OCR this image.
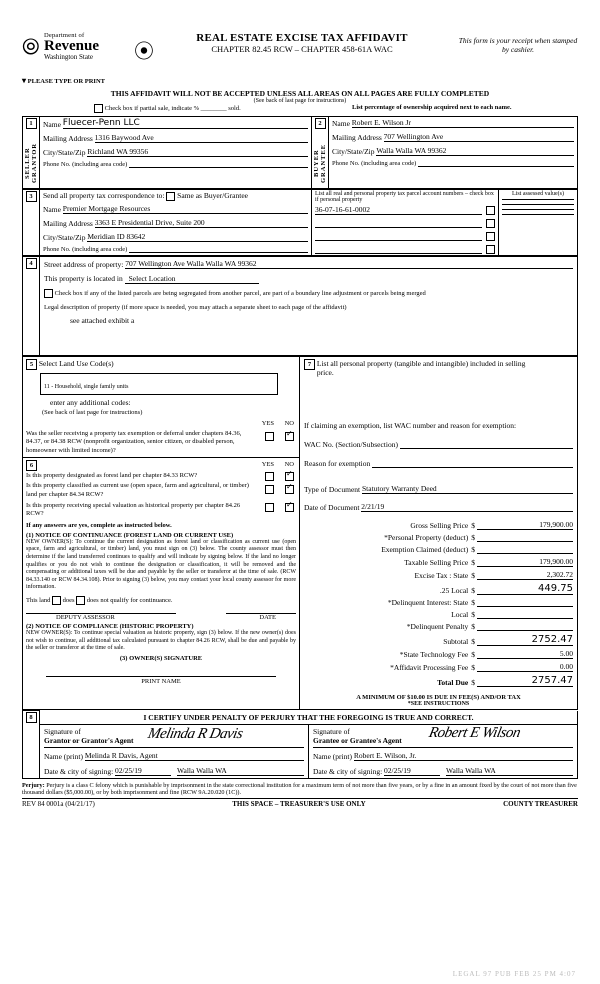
⦾ Department of
Revenue
Washington State	⦿
REAL ESTATE EXCISE TAX AFFIDAVIT
CHAPTER 82.45 RCW – CHAPTER 458-61A WAC
This form is your receipt when stamped by cashier.
▾ PLEASE TYPE OR PRINT
THIS AFFIDAVIT WILL NOT BE ACCEPTED UNLESS ALL AREAS ON ALL PAGES ARE FULLY COMPLETED
(See back of last page for instructions)
Check box if partial sale, indicate % ________ sold.	List percentage of ownership acquired next to each name.
1
SELLER GRANTOR

Name
Fluecer-Penn LLC
Mailing Address
1316 Baywood Ave
City/State/Zip
Richland WA 99356
Phone No. (including area code)

	2
BUYER GRANTEE

Name
Robert E. Wilson Jr
Mailing Address
707 Wellington Ave
City/State/Zip
Walla Walla WA 99362
Phone No. (including area code)

3	Send all property tax correspondence to: Same as Buyer/Grantee
Name
Premier Mortgage Resources
Mailing Address
3363 E Presidential Drive, Suite 200
City/State/Zip
Meridian ID 83642
Phone No. (including area code)

List all real and personal property tax parcel account numbers – check box if personal property
36-07-16-61-0002

List assessed value(s)
4	Street address of property:
707 Wellington Ave Walla Walla WA 99362
This property is located in Select Location
Check box if any of the listed parcels are being segregated from another parcel, are part of a boundary line adjustment or parcels being merged
Legal description of property (if more space is needed, you may attach a separate sheet to each page of the affidavit)
see attached exhibit a
5 Select Land Use Code(s)
11 - Household, single family units
enter any additional codes:
(See back of last page for instructions)
YES NO
Was the seller receiving a property tax exemption or deferral under chapters 84.36, 84.37, or 84.38 RCW (nonprofit organization, senior citizen, or disabled person, homeowner with limited income)?
✓
6	YES NO
Is this property designated as forest land per chapter 84.33 RCW?
✓
Is this property classified as current use (open space, farm and agricultural, or timber) land per chapter 84.34 RCW?
✓
Is this property receiving special valuation as historical property per chapter 84.26 RCW?
✓
If any answers are yes, complete as instructed below.
(1) NOTICE OF CONTINUANCE (FOREST LAND OR CURRENT USE)
NEW OWNER(S): To continue the current designation as forest land or classification as current use (open space, farm and agricultural, or timber) land, you must sign on (3) below. The county assessor must then determine if the land transferred continues to qualify and will indicate by signing below. If the land no longer qualifies or you do not wish to continue the designation or classification, it will be removed and the compensating or additional taxes will be due and payable by the seller or transferor at the time of sale. (RCW 84.33.140 or RCW 84.34.108). Prior to signing (3) below, you may contact your local county assessor for more information.
This land does does not qualify for continuance.
DEPUTY ASSESSOR	DATE
(2) NOTICE OF COMPLIANCE (HISTORIC PROPERTY)
NEW OWNER(S): To continue special valuation as historic property, sign (3) below. If the new owner(s) does not wish to continue, all additional tax calculated pursuant to chapter 84.26 RCW, shall be due and payable by the seller or transferor at the time of sale.
(3) OWNER(S) SIGNATURE
PRINT NAME

7 List all personal property (tangible and intangible) included in selling price.
If claiming an exemption, list WAC number and reason for exemption:
WAC No. (Section/Subsection)

Reason for exemption

Type of Document
Statutory Warranty Deed
Date of Document
2/21/19
Gross Selling Price $	179,900.00
*Personal Property (deduct) $
Exemption Claimed (deduct) $
Taxable Selling Price $	179,900.00
Excise Tax : State $	2,302.72
.25 Local $	449.75
*Delinquent Interest: State $
Local $
*Delinquent Penalty $
Subtotal $	2752.47
*State Technology Fee $	5.00
*Affidavit Processing Fee $	0.00
Total Due $	2757.47
A MINIMUM OF $10.00 IS DUE IN FEE(S) AND/OR TAX
*SEE INSTRUCTIONS
8	I CERTIFY UNDER PENALTY OF PERJURY THAT THE FOREGOING IS TRUE AND CORRECT.
Signature of
Grantor or Grantor's Agent Melinda R Davis
Name (print)
Melinda R Davis, Agent
Date & city of signing:
02/25/19	Walla Walla WA
Signature of
Grantee or Grantee's Agent	Robert E Wilson
Name (print)
Robert E. Wilson, Jr.
Date & city of signing:
02/25/19	Walla Walla WA
Perjury: Perjury is a class C felony which is punishable by imprisonment in the state correctional institution for a maximum term of not more than five years, or by a fine in an amount fixed by the court of not more than five thousand dollars ($5,000.00), or by both imprisonment and fine (RCW 9A.20.020 (1C)).
REV 84 0001a (04/21/17)	THIS SPACE – TREASURER'S USE ONLY	COUNTY TREASURER
LEGAL 97 PUB FEB 25 PM 4:07
